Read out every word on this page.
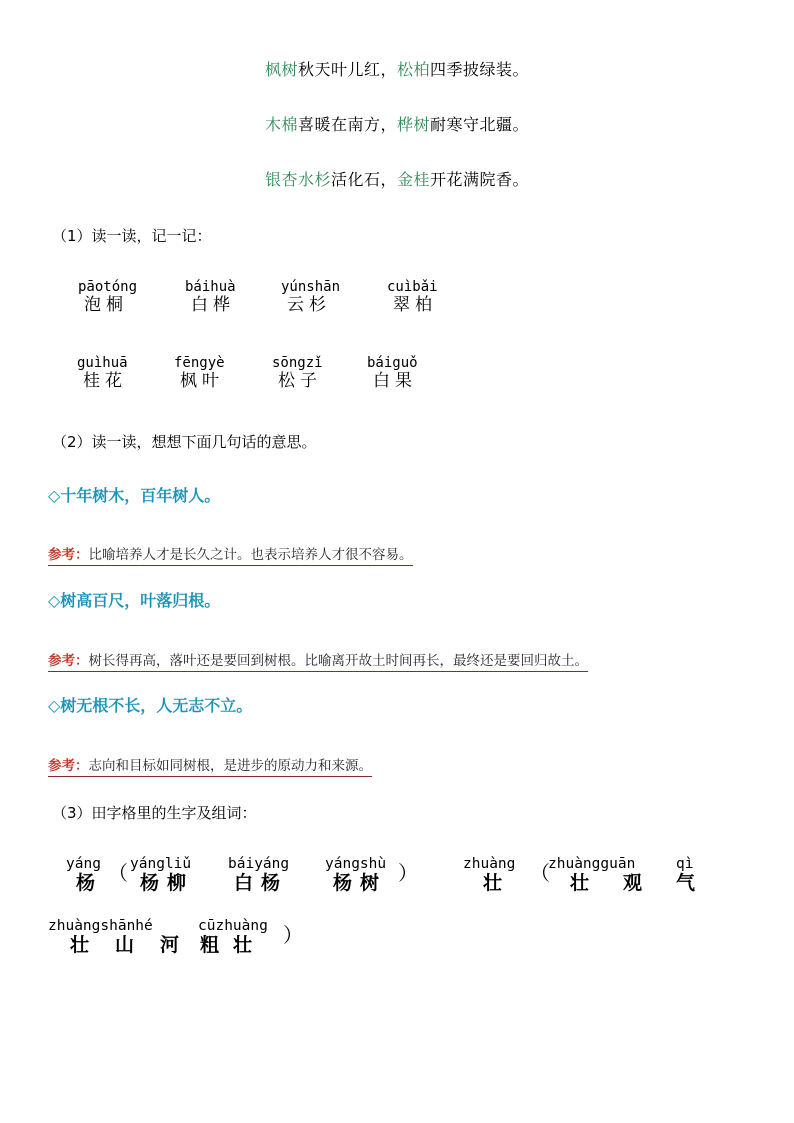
枫树秋天叶儿红，松柏四季披绿装。
木棉喜暖在南方，桦树耐寒守北疆。
银杏水杉活化石，金桂开花满院香。
（1）读一读，记一记：
pāotóng
泡桐
báihuà
白桦
yúnshān
云杉
cuìbǎi
翠柏
guìhuā
桂花
fēngyè
枫叶
sōngzǐ
松子
báiguǒ
白果
（2）读一读，想想下面几句话的意思。
◇十年树木，百年树人。
参考：比喻培养人才是长久之计。也表示培养人才很不容易。
◇树高百尺，叶落归根。
参考：树长得再高，落叶还是要回到树根。比喻离开故土时间再长，最终还是要回归故土。
◇树无根不长，人无志不立。
参考：志向和目标如同树根，是进步的原动力和来源。
（3）田字格里的生字及组词：
yáng
杨 （ yángliǔ
杨柳
báiyáng
白杨
yángshù
杨树 ）	zhuàng
壮 （
zhuàngguān
壮观
qì
气
zhuàngshānhé
壮山河
cūzhuàng
粗壮 ）
